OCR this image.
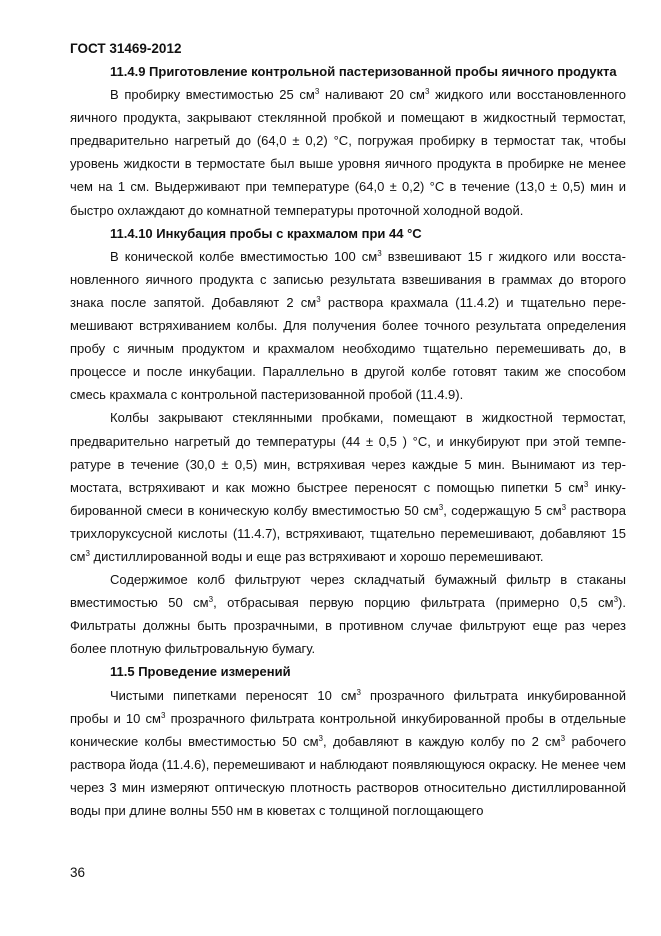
ГОСТ 31469-2012

11.4.9 Приготовление контрольной пастеризованной пробы яичного продукта

В пробирку вместимостью 25 $см^3$ наливают 20 $см^3$ жидкого или восстановленного яичного продукта, закрывают стеклянной пробкой и помещают в жидкостный термостат, предварительно нагретый до (64,0 ± 0,2) °C, погружая пробирку в термостат так, чтобы уровень жидкости в термостате был выше уровня яичного продукта в пробирке не менее чем на 1 см. Выдерживают при температуре (64,0 ± 0,2) °C в течение (13,0 ± 0,5) мин и быстро охлаждают до комнатной температуры проточной холодной водой.

11.4.10 Инкубация пробы с крахмалом при 44 °С

В конической колбе вместимостью 100 $см^3$ взвешивают 15 г жидкого или восстановленного яичного продукта с записью результата взвешивания в граммах до второго знака после запятой. Добавляют 2 $см^3$ раствора крахмала (11.4.2) и тщательно перемешивают встряхиванием колбы. Для получения более точного результата определения пробу с яичным продуктом и крахмалом необходимо тщательно перемешивать до, в процессе и после инкубации. Параллельно в другой колбе готовят таким же способом смесь крахмала с контрольной пастеризованной пробой (11.4.9).

Колбы закрывают стеклянными пробками, помещают в жидкостной термостат, предварительно нагретый до температуры (44 ± 0,5 ) °C, и инкубируют при этой температуре в течение (30,0 ± 0,5) мин, встряхивая через каждые 5 мин. Вынимают из термостата, встряхивают и как можно быстрее переносят с помощью пипетки 5 $см^3$ инкубированной смеси в коническую колбу вместимостью 50 $см^3$, содержащую 5 $см^3$ раствора трихлоруксусной кислоты (11.4.7), встряхивают, тщательно перемешивают, добавляют 15 $см^3$ дистиллированной воды и еще раз встряхивают и хорошо перемешивают.

Содержимое колб фильтруют через складчатый бумажный фильтр в стаканы вместимостью 50 $см^3$, отбрасывая первую порцию фильтрата (примерно 0,5 $см^3$). Фильтраты должны быть прозрачными, в противном случае фильтруют еще раз через более плотную фильтровальную бумагу.

11.5 Проведение измерений

Чистыми пипетками переносят 10 $см^3$ прозрачного фильтрата инкубированной пробы и 10 $см^3$ прозрачного фильтрата контрольной инкубированной пробы в отдельные конические колбы вместимостью 50 $см^3$, добавляют в каждую колбу по 2 $см^3$ рабочего раствора йода (11.4.6), перемешивают и наблюдают появляющуюся окраску. Не менее чем через 3 мин измеряют оптическую плотность растворов относительно дистиллированной воды при длине волны 550 нм в кюветах с толщиной поглощающего

36
